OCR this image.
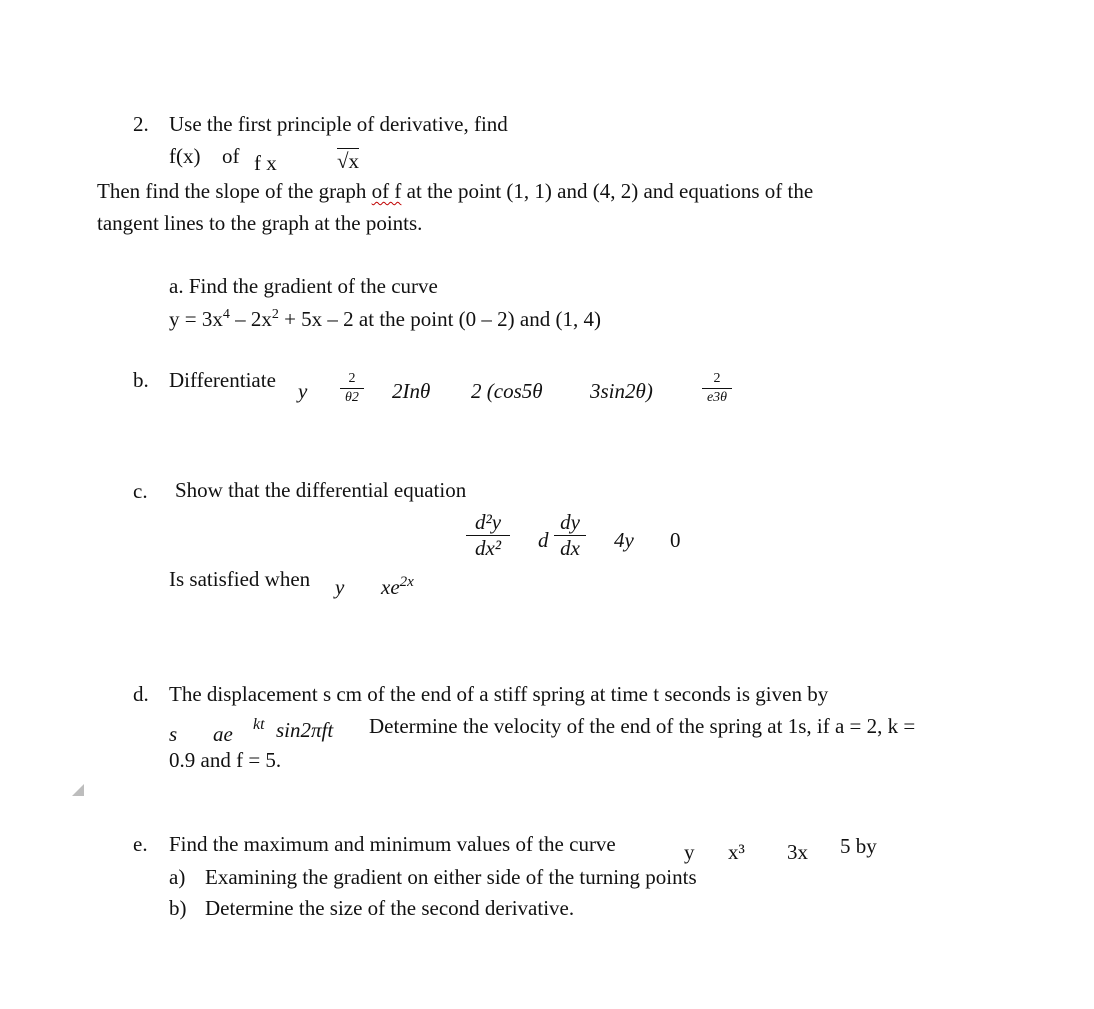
2. Use the first principle of derivative, find
f(x) of f x	√x
Then find the slope of the graph of f at the point (1, 1) and (4, 2) and equations of the
tangent lines to the graph at the points.
a. Find the gradient of the curve
$y = 3x^4 - 2x^2 + 5x - 2$ at the point (0 – 2) and (1, 4)
b. Differentiate y
2
θ2 2Inθ 2 (cos5θ 3sin2θ)
2
e3θ
c. Show that the differential equation
d²y
dx²	d
dy
dx 4y 0
Is satisfied when y $xe^{2x}$
d. The displacement s cm of the end of a stiff spring at time t seconds is given by
s ae kt sin2πft Determine the velocity of the end of the spring at 1s, if a = 2, k =
0.9 and f = 5.
e. Find the maximum and minimum values of the curve	y x³ 3x 5 by
a) Examining the gradient on either side of the turning points
b) Determine the size of the second derivative.
